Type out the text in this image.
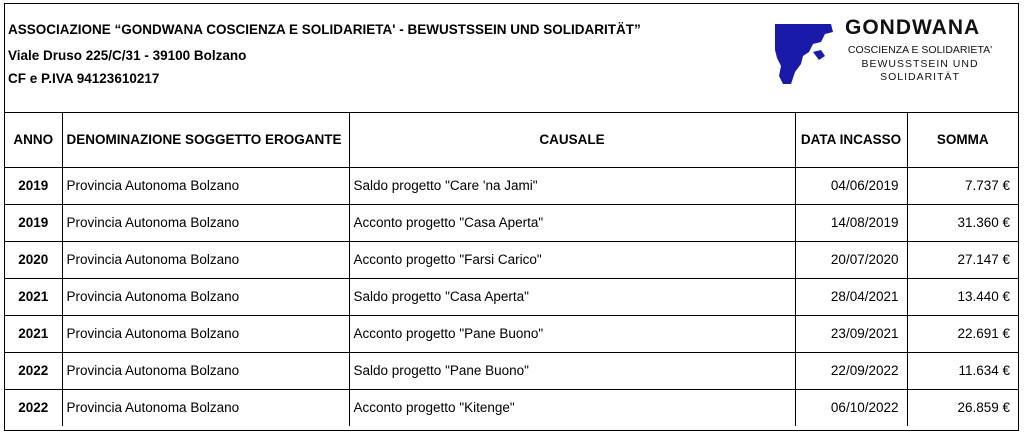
ASSOCIAZIONE “GONDWANA COSCIENZA E SOLIDARIETA' - BEWUSTSSEIN UND SOLIDARITÄT”
Viale Druso 225/C/31 - 39100 Bolzano
CF e P.IVA 94123610217
GONDWANA
COSCIENZA E SOLIDARIETA'
BEWUSSTSEIN UND
SOLIDARITÄT
ANNO	DENOMINAZIONE SOGGETTO EROGANTE	CAUSALE	DATA INCASSO	SOMMA
2019	Provincia Autonoma Bolzano	Saldo progetto "Care 'na Jami"	04/06/2019	7.737 €
2019	Provincia Autonoma Bolzano	Acconto progetto "Casa Aperta"	14/08/2019	31.360 €
2020	Provincia Autonoma Bolzano	Acconto progetto "Farsi Carico"	20/07/2020	27.147 €
2021	Provincia Autonoma Bolzano	Saldo progetto "Casa Aperta"	28/04/2021	13.440 €
2021	Provincia Autonoma Bolzano	Acconto progetto "Pane Buono"	23/09/2021	22.691 €
2022	Provincia Autonoma Bolzano	Saldo progetto "Pane Buono"	22/09/2022	11.634 €
2022	Provincia Autonoma Bolzano	Acconto progetto "Kitenge"	06/10/2022	26.859 €
